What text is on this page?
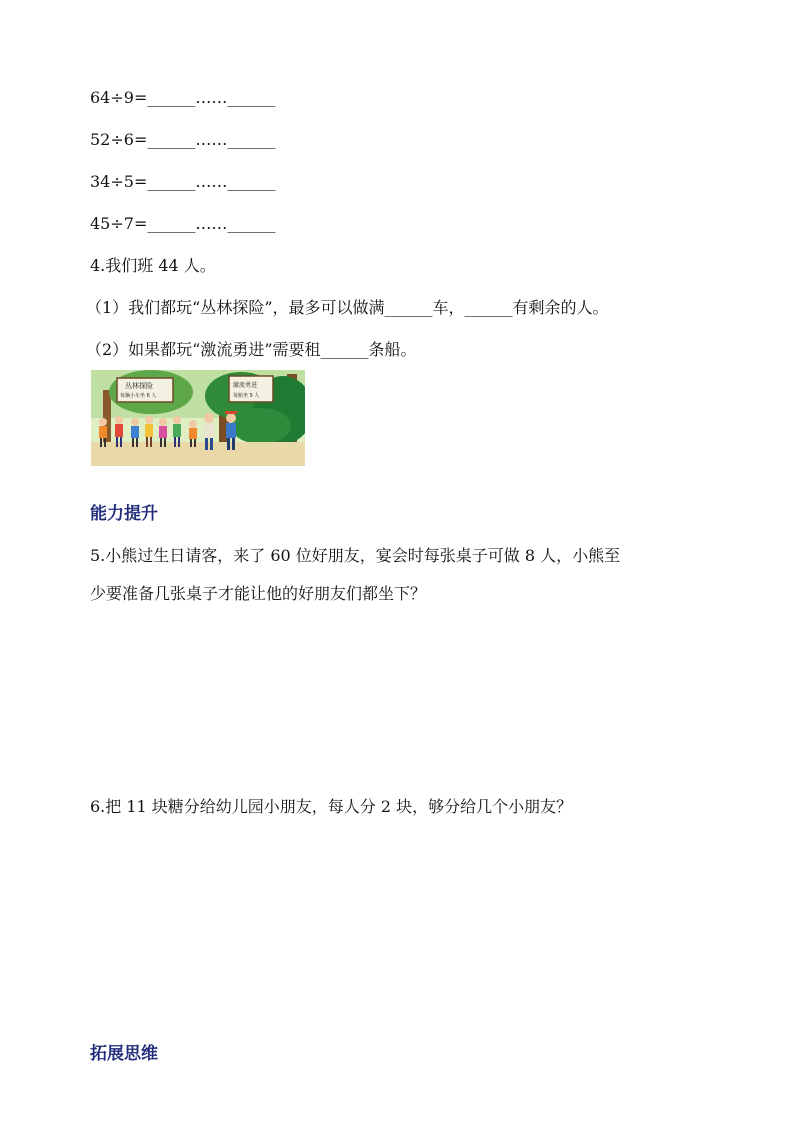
64÷9=______……______
52÷6=______……______
34÷5=______……______
45÷7=______……______
4.我们班 44 人。
（1）我们都玩“丛林探险”，最多可以做满______车，______有剩余的人。
（2）如果都玩“激流勇进”需要租______条船。
丛林探险
每辆小车坐 6 人
激流勇进
每船坐 5 人
能力提升
5.小熊过生日请客，来了 60 位好朋友，宴会时每张桌子可做 8 人，小熊至
少要准备几张桌子才能让他的好朋友们都坐下？
6.把 11 块糖分给幼儿园小朋友，每人分 2 块，够分给几个小朋友？
拓展思维
